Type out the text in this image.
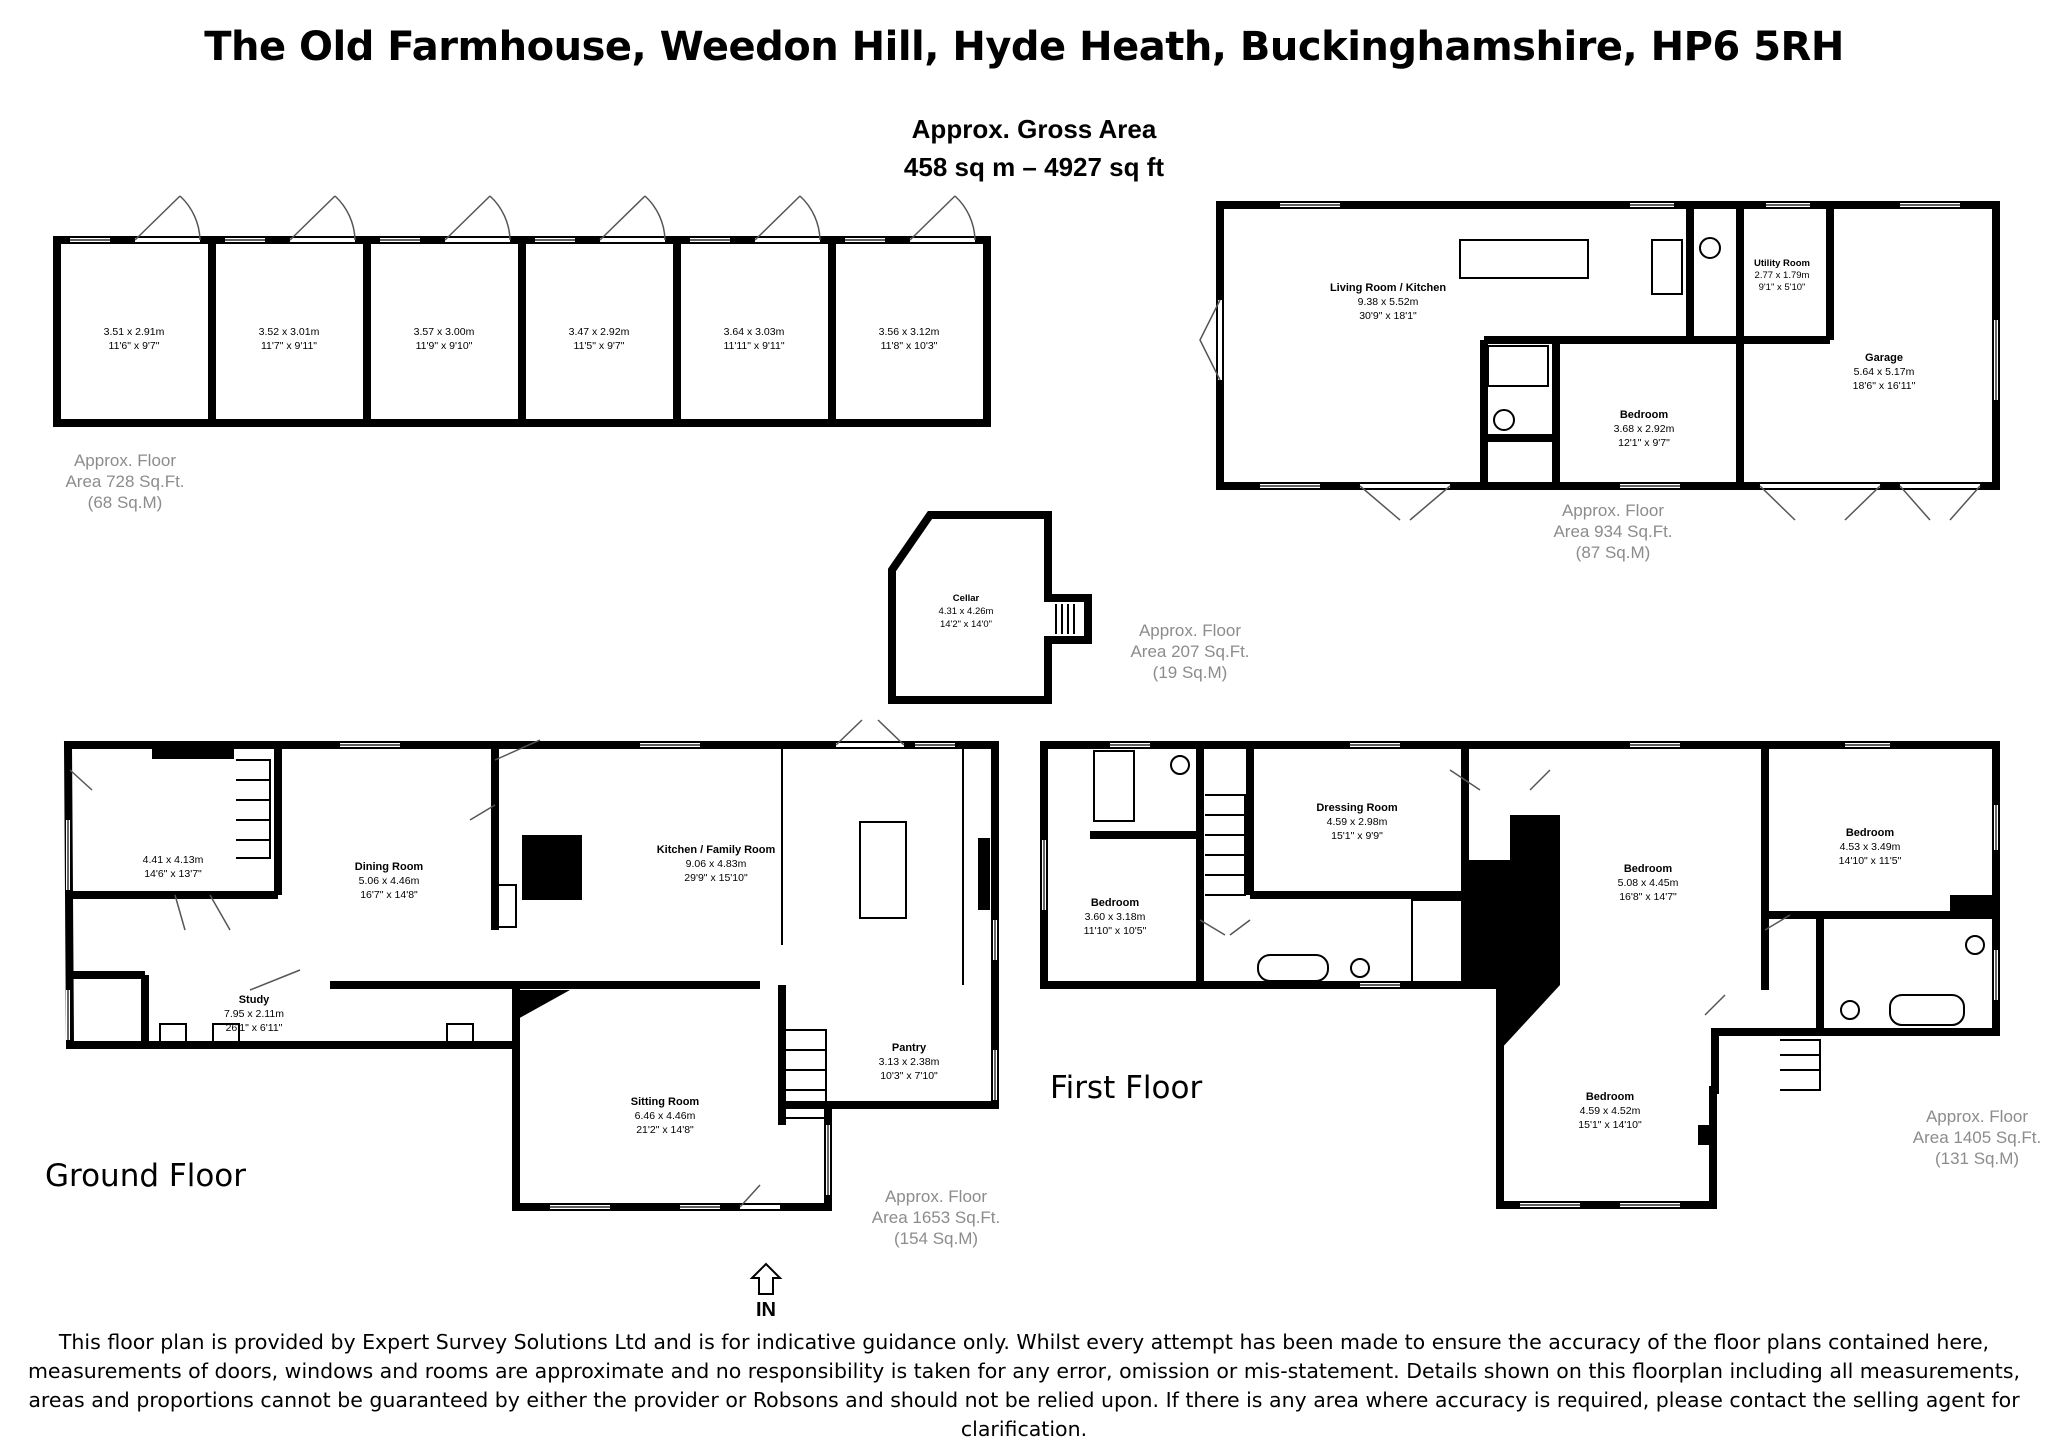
The Old Farmhouse, Weedon Hill, Hyde Heath, Buckinghamshire, HP6 5RH
Approx. Gross Area
458 sq m – 4927 sq ft
3.51 x 2.91m
11'6" x 9'7"
3.52 x 3.01m
11'7" x 9'11"
3.57 x 3.00m
11'9" x 9'10"
3.47 x 2.92m
11'5" x 9'7"
3.64 x 3.03m
11'11" x 9'11"
3.56 x 3.12m
11'8" x 10'3"
Approx. Floor
Area 728 Sq.Ft.
(68 Sq.M)
Living Room / Kitchen
9.38 x 5.52m
30'9" x 18'1"
Utility Room
2.77 x 1.79m
9'1" x 5'10"
Garage
5.64 x 5.17m
18'6" x 16'11"
Bedroom
3.68 x 2.92m
12'1" x 9'7"
Approx. Floor
Area 934 Sq.Ft.
(87 Sq.M)
Cellar
4.31 x 4.26m
14'2" x 14'0"	Approx. Floor
Area 207 Sq.Ft.
(19 Sq.M)
4.41 x 4.13m
14'6" x 13'7"
Dining Room
5.06 x 4.46m
16'7" x 14'8"
Kitchen / Family Room
9.06 x 4.83m
29'9" x 15'10"
Study
7.95 x 2.11m
26'1" x 6'11"
Sitting Room
6.46 x 4.46m
21'2" x 14'8"
Pantry
3.13 x 2.38m
10'3" x 7'10"
Ground Floor
IN
Approx. Floor
Area 1653 Sq.Ft.
(154 Sq.M)
Bedroom
3.60 x 3.18m
11'10" x 10'5"
Dressing Room
4.59 x 2.98m
15'1" x 9'9"
Bedroom
5.08 x 4.45m
16'8" x 14'7"
Bedroom
4.53 x 3.49m
14'10" x 11'5"
Bedroom
4.59 x 4.52m
15'1" x 14'10"
First Floor
Approx. Floor
Area 1405 Sq.Ft.
(131 Sq.M)
This floor plan is provided by Expert Survey Solutions Ltd and is for indicative guidance only. Whilst every attempt has been made to ensure the accuracy of the floor plans contained here, measurements of doors, windows and rooms are approximate and no responsibility is taken for any error, omission or mis-statement. Details shown on this floorplan including all measurements, areas and proportions cannot be guaranteed by either the provider or Robsons and should not be relied upon. If there is any area where accuracy is required, please contact the selling agent for clarification.
